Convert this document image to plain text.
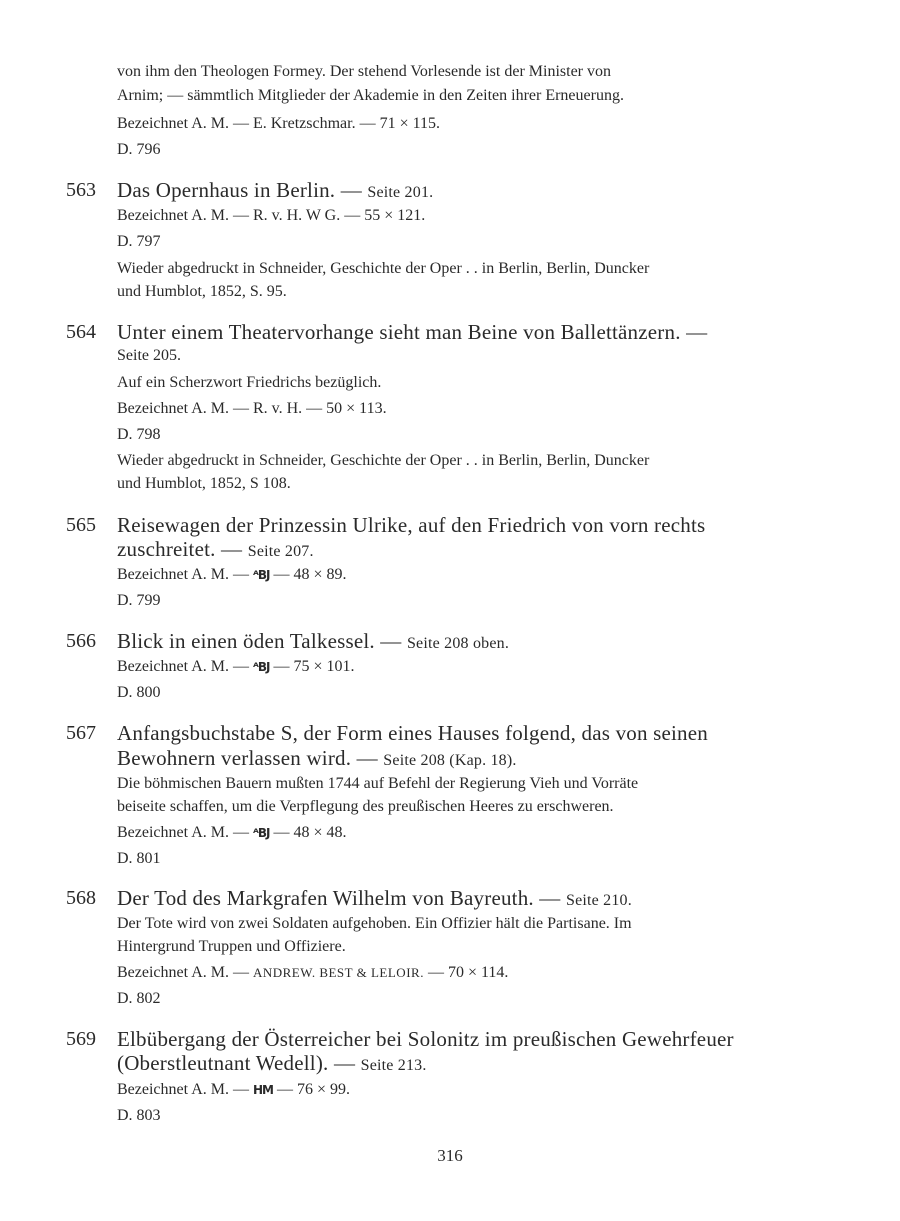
von ihm den Theologen Formey. Der stehend Vorlesende ist der Minister von
Arnim; — sämmtlich Mitglieder der Akademie in den Zeiten ihrer Erneuerung.
Bezeichnet A. M. — E. Kretzschmar. — 71 × 115.
D. 796
563 Das Opernhaus in Berlin. — Seite 201.
Bezeichnet A. M. — R. v. H. W G. — 55 × 121.
D. 797
Wieder abgedruckt in Schneider, Geschichte der Oper . . in Berlin, Berlin, Duncker
und Humblot, 1852, S. 95.
564 Unter einem Theatervorhange sieht man Beine von Ballettänzern. —
Seite 205.
Auf ein Scherzwort Friedrichs bezüglich.
Bezeichnet A. M. — R. v. H. — 50 × 113.
D. 798
Wieder abgedruckt in Schneider, Geschichte der Oper . . in Berlin, Berlin, Duncker
und Humblot, 1852, S 108.
565 Reisewagen der Prinzessin Ulrike, auf den Friedrich von vorn rechts
zuschreitet. — Seite 207.
Bezeichnet A. M. — ᴬBJ — 48 × 89.
D. 799
566 Blick in einen öden Talkessel. — Seite 208 oben.
Bezeichnet A. M. — ᴬBJ — 75 × 101.
D. 800
567 Anfangsbuchstabe S, der Form eines Hauses folgend, das von seinen
Bewohnern verlassen wird. — Seite 208 (Kap. 18).
Die böhmischen Bauern mußten 1744 auf Befehl der Regierung Vieh und Vorräte
beiseite schaffen, um die Verpflegung des preußischen Heeres zu erschweren.
Bezeichnet A. M. — ᴬBJ — 48 × 48.
D. 801
568 Der Tod des Markgrafen Wilhelm von Bayreuth. — Seite 210.
Der Tote wird von zwei Soldaten aufgehoben. Ein Offizier hält die Partisane. Im
Hintergrund Truppen und Offiziere.
Bezeichnet A. M. — ANDREW. BEST & LELOIR. — 70 × 114.
D. 802
569 Elbübergang der Österreicher bei Solonitz im preußischen Gewehrfeuer
(Oberstleutnant Wedell). — Seite 213.
Bezeichnet A. M. — HM — 76 × 99.
D. 803
316
